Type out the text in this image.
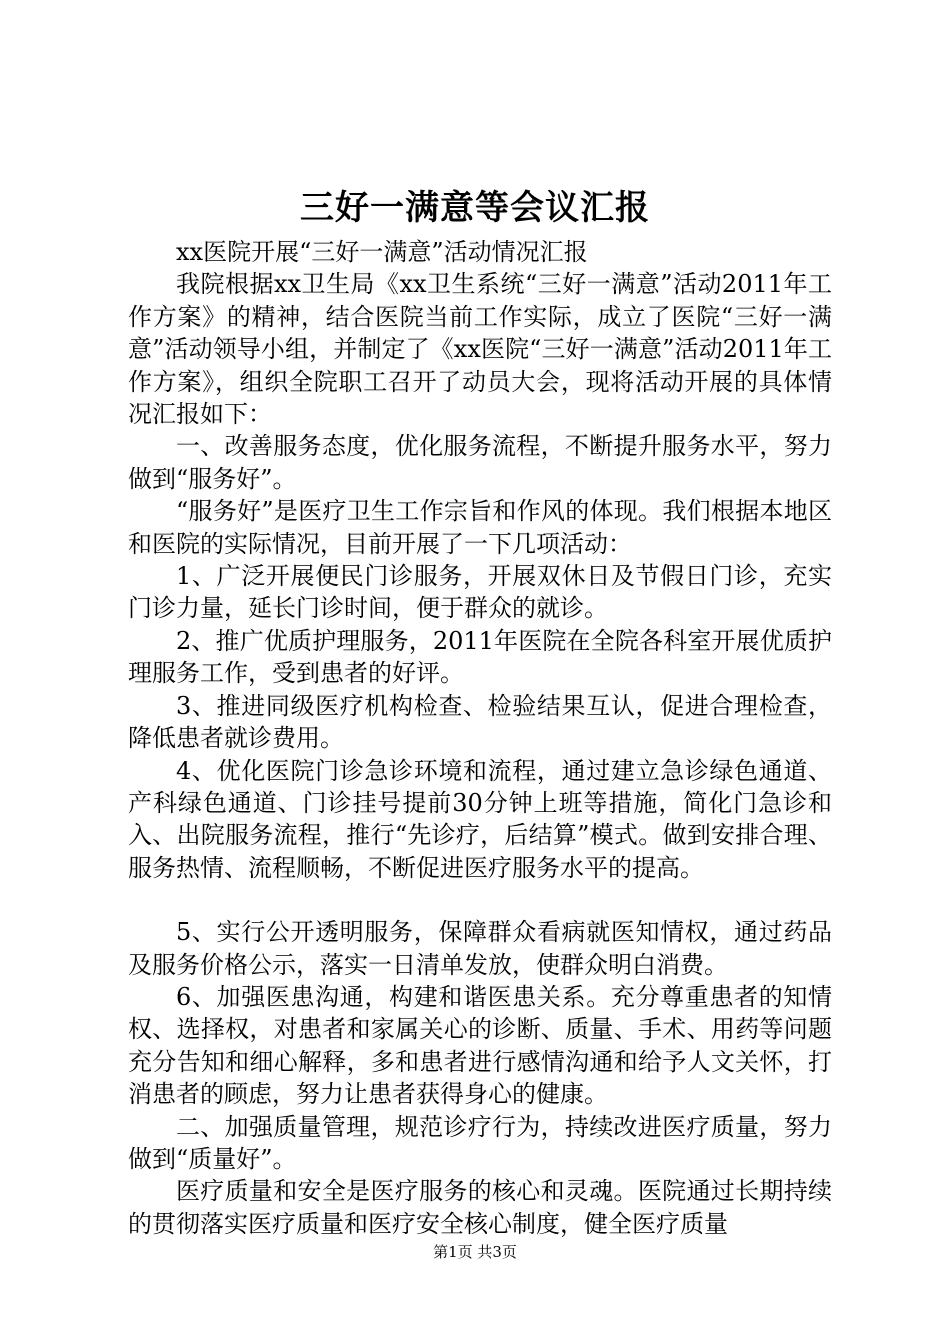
三好一满意等会议汇报

xx医院开展“三好一满意”活动情况汇报

我院根据xx卫生局《xx卫生系统“三好一满意”活动2011年工作方案》的精神，结合医院当前工作实际，成立了医院“三好一满意”活动领导小组，并制定了《xx医院“三好一满意”活动2011年工作方案》，组织全院职工召开了动员大会，现将活动开展的具体情况汇报如下：

一、改善服务态度，优化服务流程，不断提升服务水平，努力做到“服务好”。

“服务好”是医疗卫生工作宗旨和作风的体现。我们根据本地区和医院的实际情况，目前开展了一下几项活动：

1、广泛开展便民门诊服务，开展双休日及节假日门诊，充实门诊力量，延长门诊时间，便于群众的就诊。

2、推广优质护理服务，2011年医院在全院各科室开展优质护理服务工作，受到患者的好评。

3、推进同级医疗机构检查、检验结果互认，促进合理检查，降低患者就诊费用。

4、优化医院门诊急诊环境和流程，通过建立急诊绿色通道、产科绿色通道、门诊挂号提前30分钟上班等措施，简化门急诊和入、出院服务流程，推行“先诊疗，后结算”模式。做到安排合理、服务热情、流程顺畅，不断促进医疗服务水平的提高。

5、实行公开透明服务，保障群众看病就医知情权，通过药品及服务价格公示，落实一日清单发放，使群众明白消费。

6、加强医患沟通，构建和谐医患关系。充分尊重患者的知情权、选择权，对患者和家属关心的诊断、质量、手术、用药等问题充分告知和细心解释，多和患者进行感情沟通和给予人文关怀，打消患者的顾虑，努力让患者获得身心的健康。

二、加强质量管理，规范诊疗行为，持续改进医疗质量，努力做到“质量好”。

医疗质量和安全是医疗服务的核心和灵魂。医院通过长期持续的贯彻落实医疗质量和医疗安全核心制度，健全医疗质量

第1页 共3页
